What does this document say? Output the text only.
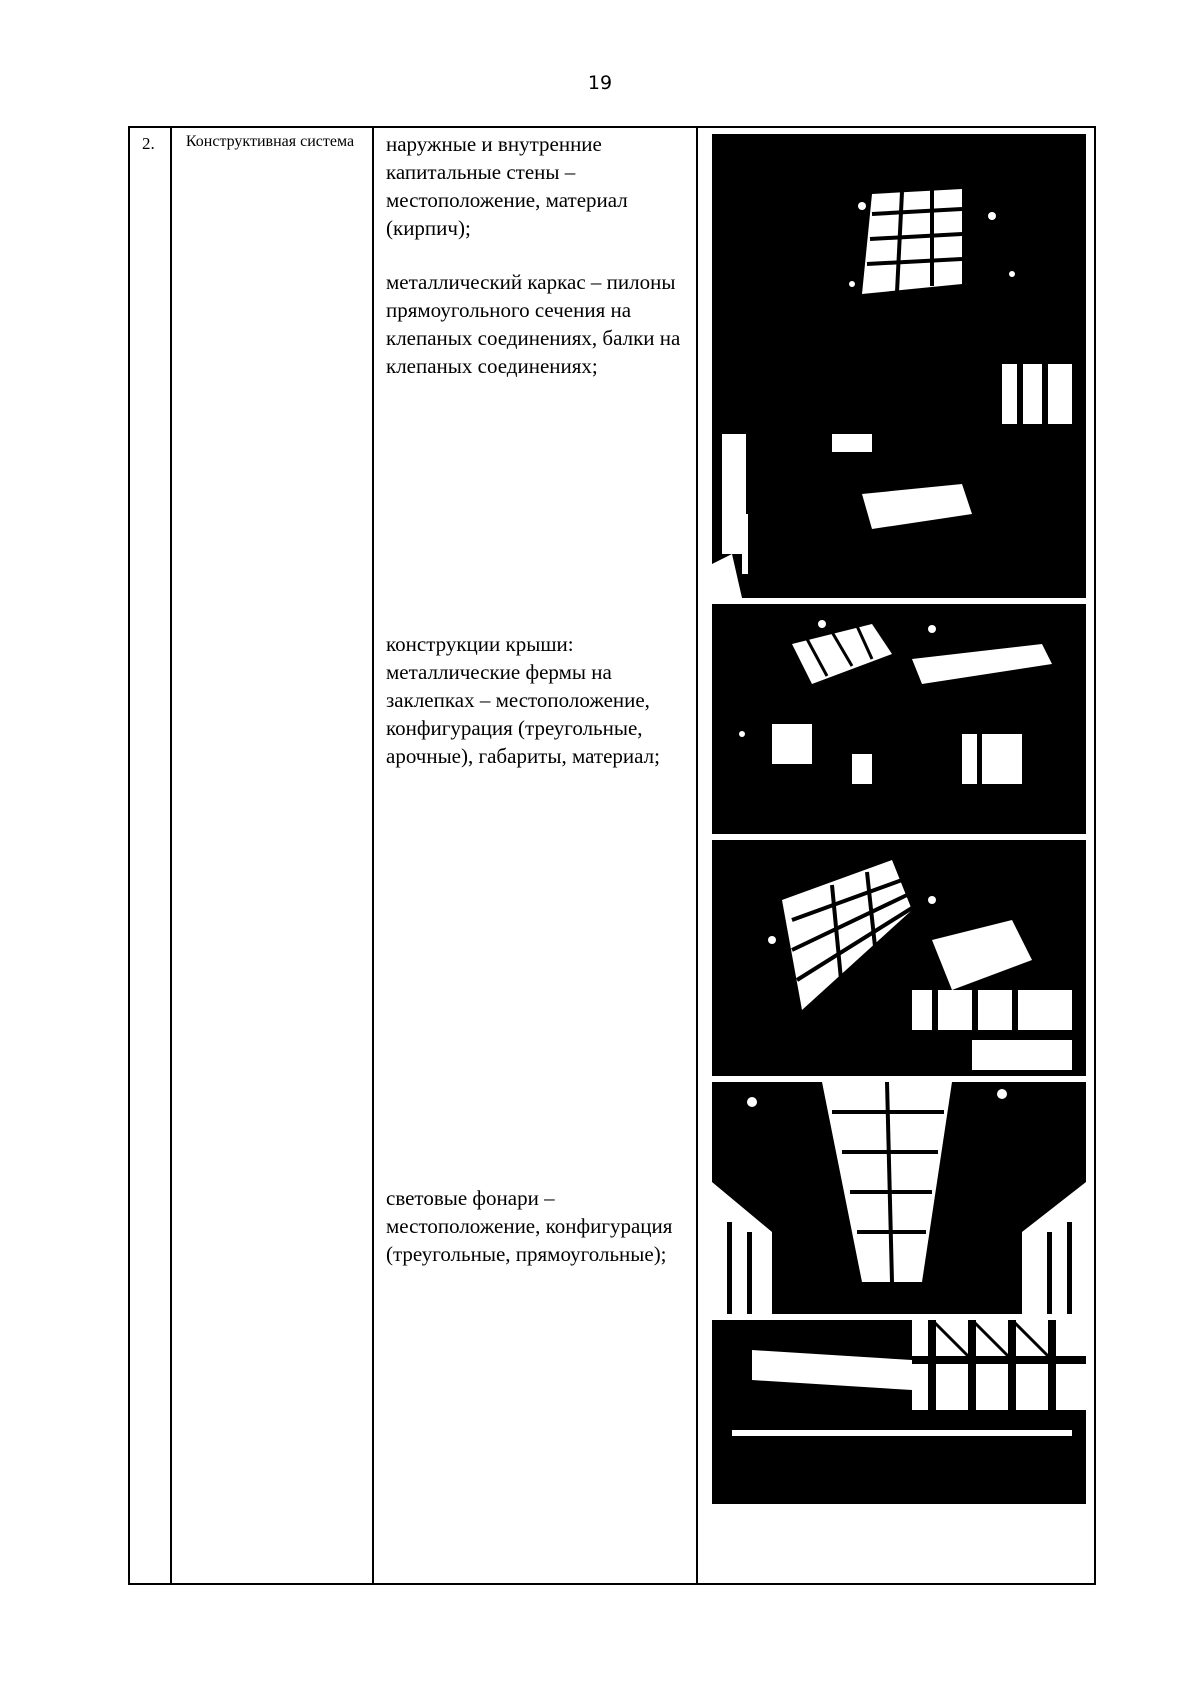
19
2.	Конструктивная система	наружные и внутренние капитальные стены – местоположение, материал (кирпич);
металлический каркас – пилоны прямоугольного сечения на клепаных соединениях, балки на клепаных соединениях;
конструкции крыши: металлические фермы на заклепках – местоположение, конфигурация (треугольные, арочные), габариты, материал;
световые фонари – местоположение, конфигурация (треугольные, прямоугольные);
